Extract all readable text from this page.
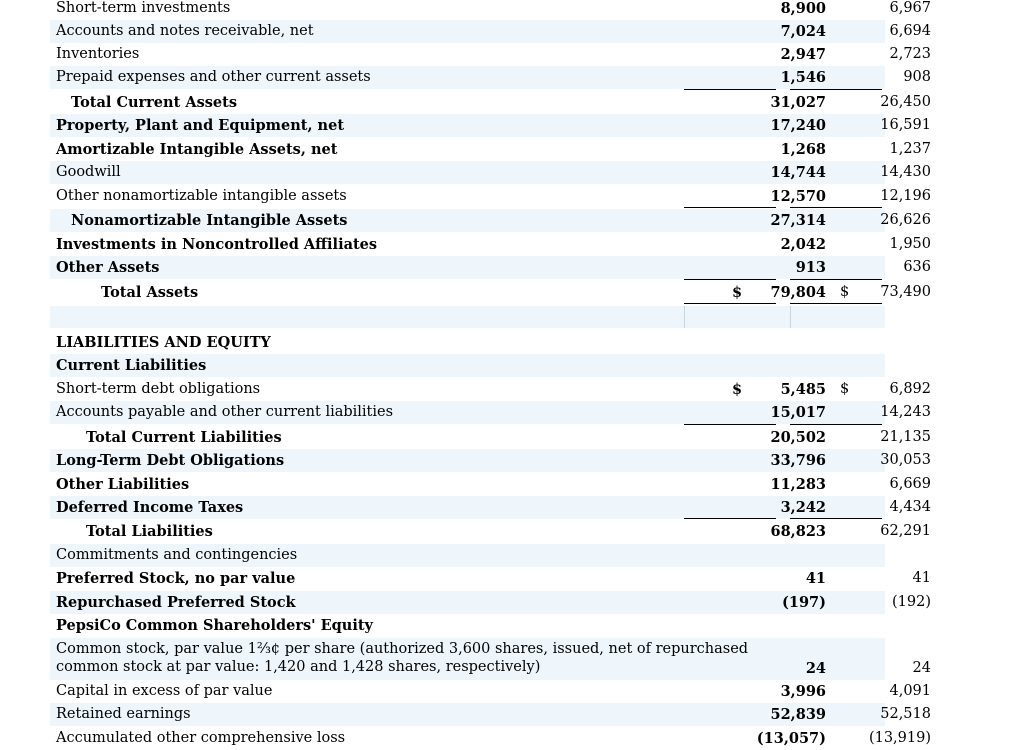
Short-term investments	8,900	6,967
Accounts and notes receivable, net	7,024	6,694
Inventories	2,947	2,723
Prepaid expenses and other current assets	1,546	908
Total Current Assets	31,027	26,450
Property, Plant and Equipment, net	17,240	16,591
Amortizable Intangible Assets, net	1,268	1,237
Goodwill	14,744	14,430
Other nonamortizable intangible assets	12,570	12,196
Nonamortizable Intangible Assets	27,314	26,626
Investments in Noncontrolled Affiliates	2,042	1,950
Other Assets	913	636
Total Assets	$	79,804 $	73,490
LIABILITIES AND EQUITY
Current Liabilities
Short-term debt obligations	$	5,485 $	6,892
Accounts payable and other current liabilities	15,017	14,243
Total Current Liabilities	20,502	21,135
Long-Term Debt Obligations	33,796	30,053
Other Liabilities	11,283	6,669
Deferred Income Taxes	3,242	4,434
Total Liabilities	68,823	62,291
Commitments and contingencies
Preferred Stock, no par value	41	41
Repurchased Preferred Stock	(197)	(192)
PepsiCo Common Shareholders' Equity
Common stock, par value 1⅔¢ per share (authorized 3,600 shares, issued, net of repurchased
common stock at par value: 1,420 and 1,428 shares, respectively)	24	24
Capital in excess of par value	3,996	4,091
Retained earnings	52,839	52,518
Accumulated other comprehensive loss	(13,057)	(13,919)
